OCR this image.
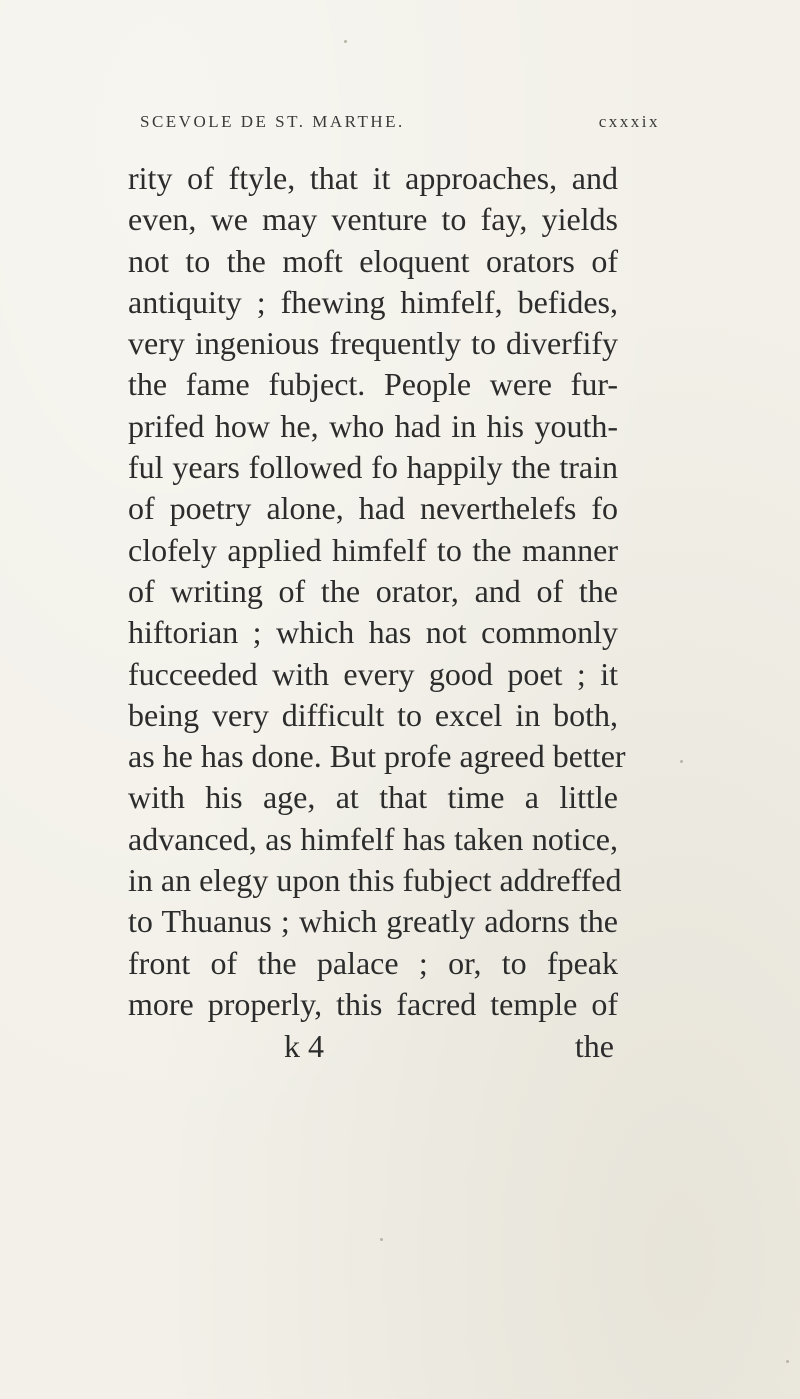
SCEVOLE DE ST. MARTHE.	cxxxix
rity of ftyle, that it approaches, and
even, we may venture to fay, yields
not to the moft eloquent orators of
antiquity ; fhewing himfelf, befides,
very ingenious frequently to diverfify
the fame fubject. People were fur-
prifed how he, who had in his youth-
ful years followed fo happily the train
of poetry alone, had neverthelefs fo
clofely applied himfelf to the manner
of writing of the orator, and of the
hiftorian ; which has not commonly
fucceeded with every good poet ; it
being very difficult to excel in both,
as he has done. But profe agreed better
with his age, at that time a little
advanced, as himfelf has taken notice,
in an elegy upon this fubject addreffed
to Thuanus ; which greatly adorns the
front of the palace ; or, to fpeak
more properly, this facred temple of
k 4	the
